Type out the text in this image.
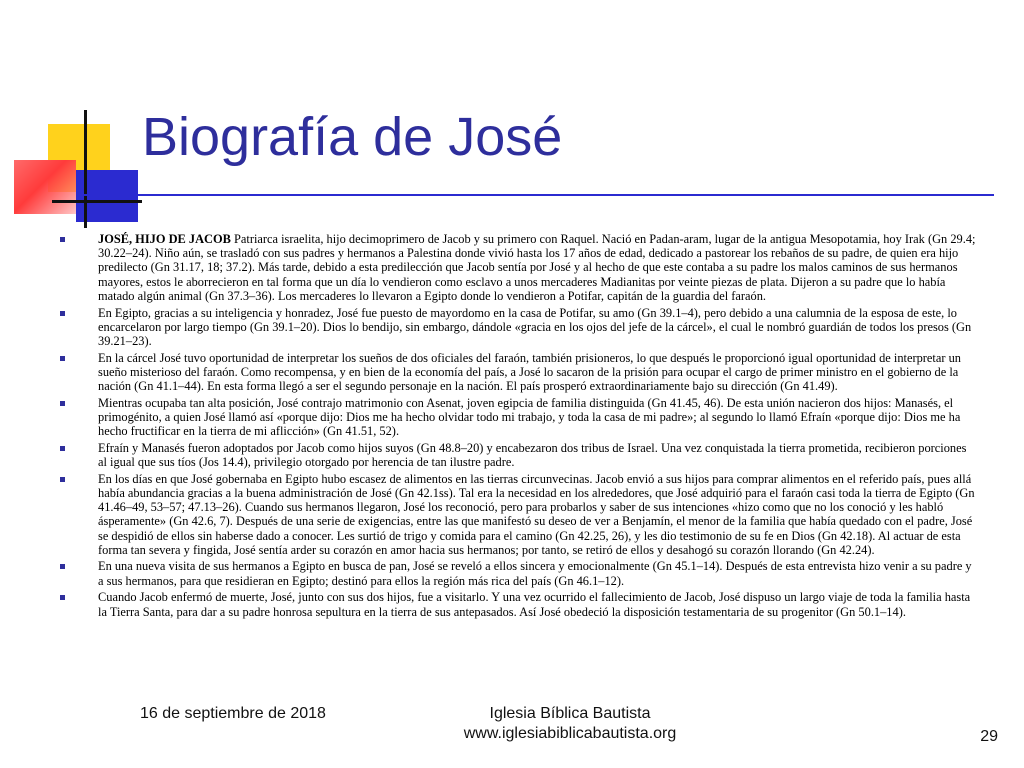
Biografía de José
JOSÉ, HIJO DE JACOB Patriarca israelita, hijo decimoprimero de Jacob y su primero con Raquel. Nació en Padan-aram, lugar de la antigua Mesopotamia, hoy Irak (Gn 29.4; 30.22–24). Niño aún, se trasladó con sus padres y hermanos a Palestina donde vivió hasta los 17 años de edad, dedicado a pastorear los rebaños de su padre, de quien era hijo predilecto (Gn 31.17, 18; 37.2). Más tarde, debido a esta predilección que Jacob sentía por José y al hecho de que este contaba a su padre los malos caminos de sus hermanos mayores, estos le aborrecieron en tal forma que un día lo vendieron como esclavo a unos mercaderes Madianitas por veinte piezas de plata. Dijeron a su padre que lo había matado algún animal (Gn 37.3–36). Los mercaderes lo llevaron a Egipto donde lo vendieron a Potifar, capitán de la guardia del faraón.
En Egipto, gracias a su inteligencia y honradez, José fue puesto de mayordomo en la casa de Potifar, su amo (Gn 39.1–4), pero debido a una calumnia de la esposa de este, lo encarcelaron por largo tiempo (Gn 39.1–20). Dios lo bendijo, sin embargo, dándole «gracia en los ojos del jefe de la cárcel», el cual le nombró guardián de todos los presos (Gn 39.21–23).
En la cárcel José tuvo oportunidad de interpretar los sueños de dos oficiales del faraón, también prisioneros, lo que después le proporcionó igual oportunidad de interpretar un sueño misterioso del faraón. Como recompensa, y en bien de la economía del país, a José lo sacaron de la prisión para ocupar el cargo de primer ministro en el gobierno de la nación (Gn 41.1–44). En esta forma llegó a ser el segundo personaje en la nación. El país prosperó extraordinariamente bajo su dirección (Gn 41.49).
Mientras ocupaba tan alta posición, José contrajo matrimonio con Asenat, joven egipcia de familia distinguida (Gn 41.45, 46). De esta unión nacieron dos hijos: Manasés, el primogénito, a quien José llamó así «porque dijo: Dios me ha hecho olvidar todo mi trabajo, y toda la casa de mi padre»; al segundo lo llamó Efraín «porque dijo: Dios me ha hecho fructificar en la tierra de mi aflicción» (Gn 41.51, 52).
Efraín y Manasés fueron adoptados por Jacob como hijos suyos (Gn 48.8–20) y encabezaron dos tribus de Israel. Una vez conquistada la tierra prometida, recibieron porciones al igual que sus tíos (Jos 14.4), privilegio otorgado por herencia de tan ilustre padre.
En los días en que José gobernaba en Egipto hubo escasez de alimentos en las tierras circunvecinas. Jacob envió a sus hijos para comprar alimentos en el referido país, pues allá había abundancia gracias a la buena administración de José (Gn 42.1ss). Tal era la necesidad en los alrededores, que José adquirió para el faraón casi toda la tierra de Egipto (Gn 41.46–49, 53–57; 47.13–26). Cuando sus hermanos llegaron, José los reconoció, pero para probarlos y saber de sus intenciones «hizo como que no los conoció y les habló ásperamente» (Gn 42.6, 7). Después de una serie de exigencias, entre las que manifestó su deseo de ver a Benjamín, el menor de la familia que había quedado con el padre, José se despidió de ellos sin haberse dado a conocer. Les surtió de trigo y comida para el camino (Gn 42.25, 26), y les dio testimonio de su fe en Dios (Gn 42.18). Al actuar de esta forma tan severa y fingida, José sentía arder su corazón en amor hacia sus hermanos; por tanto, se retiró de ellos y desahogó su corazón llorando (Gn 42.24).
En una nueva visita de sus hermanos a Egipto en busca de pan, José se reveló a ellos sincera y emocionalmente (Gn 45.1–14). Después de esta entrevista hizo venir a su padre y a sus hermanos, para que residieran en Egipto; destinó para ellos la región más rica del país (Gn 46.1–12).
Cuando Jacob enfermó de muerte, José, junto con sus dos hijos, fue a visitarlo. Y una vez ocurrido el fallecimiento de Jacob, José dispuso un largo viaje de toda la familia hasta la Tierra Santa, para dar a su padre honrosa sepultura en la tierra de sus antepasados. Así José obedeció la disposición testamentaria de su progenitor (Gn 50.1–14).
16 de septiembre de 2018	Iglesia Bíblica Bautista
www.iglesiabiblicabautista.org	29
